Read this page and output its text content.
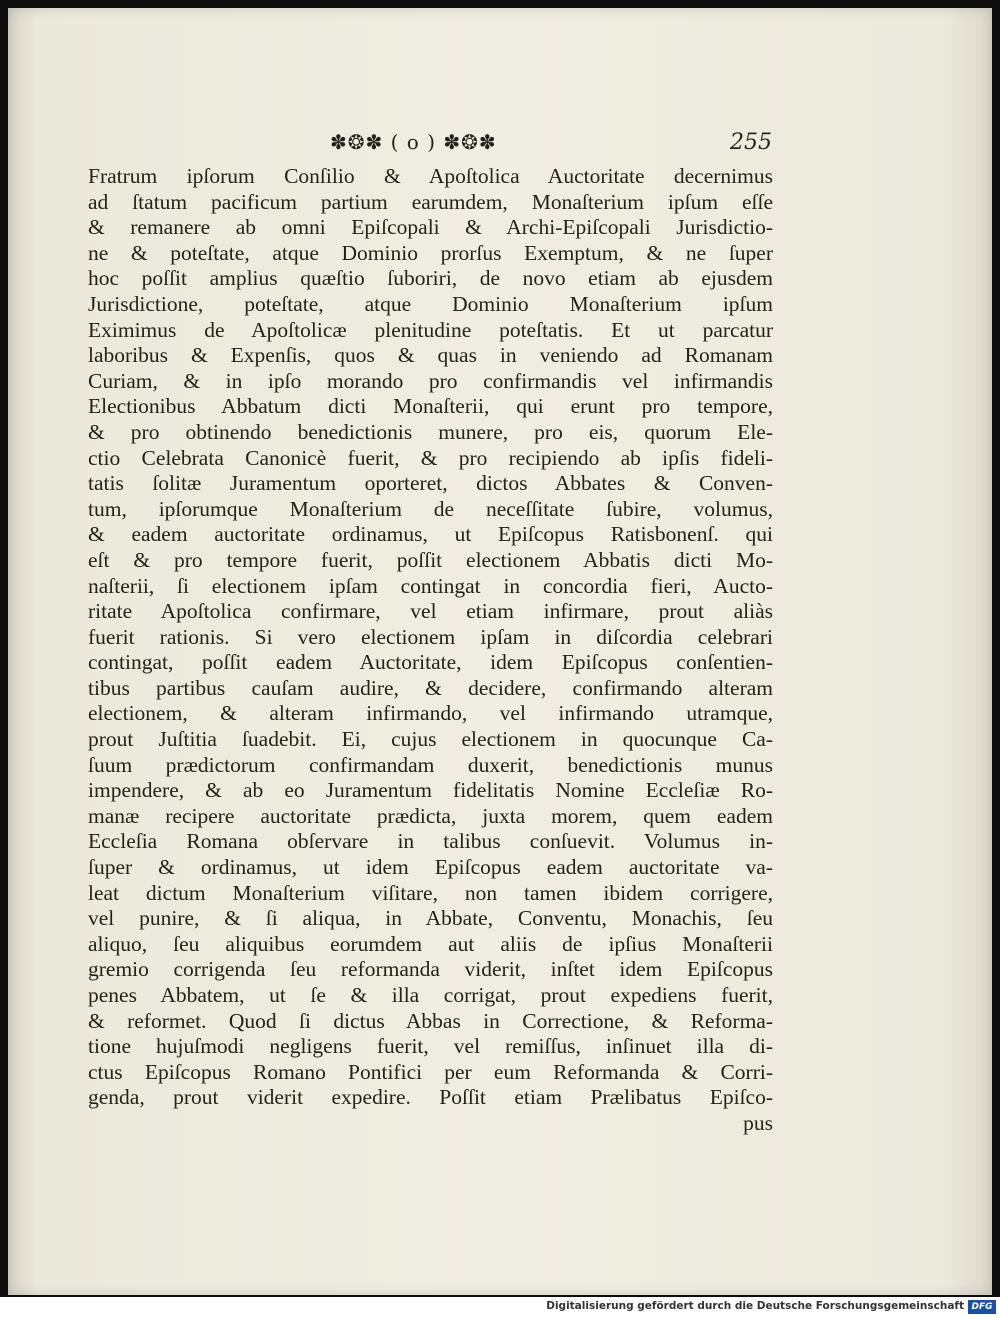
✽❂✽ ( o ) ✽❂✽	255
Fratrum ipſorum Conſilio & Apoſtolica Auctoritate decernimus
ad ſtatum pacificum partium earumdem, Monaſterium ipſum eſſe
& remanere ab omni Epiſcopali & Archi-Epiſcopali Jurisdictio-
ne & poteſtate, atque Dominio prorſus Exemptum, & ne ſuper
hoc poſſit amplius quæſtio ſuboriri, de novo etiam ab ejusdem
Jurisdictione, poteſtate, atque Dominio Monaſterium ipſum
Eximimus de Apoſtolicæ plenitudine poteſtatis. Et ut parcatur
laboribus & Expenſis, quos & quas in veniendo ad Romanam
Curiam, & in ipſo morando pro confirmandis vel infirmandis
Electionibus Abbatum dicti Monaſterii, qui erunt pro tempore,
& pro obtinendo benedictionis munere, pro eis, quorum Ele-
ctio Celebrata Canonicè fuerit, & pro recipiendo ab ipſis fideli-
tatis ſolitæ Juramentum oporteret, dictos Abbates & Conven-
tum, ipſorumque Monaſterium de neceſſitate ſubire, volumus,
& eadem auctoritate ordinamus, ut Epiſcopus Ratisbonenſ. qui
eſt & pro tempore fuerit, poſſit electionem Abbatis dicti Mo-
naſterii, ſi electionem ipſam contingat in concordia fieri, Aucto-
ritate Apoſtolica confirmare, vel etiam infirmare, prout aliàs
fuerit rationis. Si vero electionem ipſam in diſcordia celebrari
contingat, poſſit eadem Auctoritate, idem Epiſcopus conſentien-
tibus partibus cauſam audire, & decidere, confirmando alteram
electionem, & alteram infirmando, vel infirmando utramque,
prout Juſtitia ſuadebit. Ei, cujus electionem in quocunque Ca-
ſuum prædictorum confirmandam duxerit, benedictionis munus
impendere, & ab eo Juramentum fidelitatis Nomine Eccleſiæ Ro-
manæ recipere auctoritate prædicta, juxta morem, quem eadem
Eccleſia Romana obſervare in talibus conſuevit. Volumus in-
ſuper & ordinamus, ut idem Epiſcopus eadem auctoritate va-
leat dictum Monaſterium viſitare, non tamen ibidem corrigere,
vel punire, & ſi aliqua, in Abbate, Conventu, Monachis, ſeu
aliquo, ſeu aliquibus eorumdem aut aliis de ipſius Monaſterii
gremio corrigenda ſeu reformanda viderit, inſtet idem Epiſcopus
penes Abbatem, ut ſe & illa corrigat, prout expediens fuerit,
& reformet. Quod ſi dictus Abbas in Correctione, & Reforma-
tione hujuſmodi negligens fuerit, vel remiſſus, inſinuet illa di-
ctus Epiſcopus Romano Pontifici per eum Reformanda & Corri-
genda, prout viderit expedire. Poſſit etiam Prælibatus Epiſco-
pus
Digitalisierung gefördert durch die Deutsche Forschungsgemeinschaft DFG
